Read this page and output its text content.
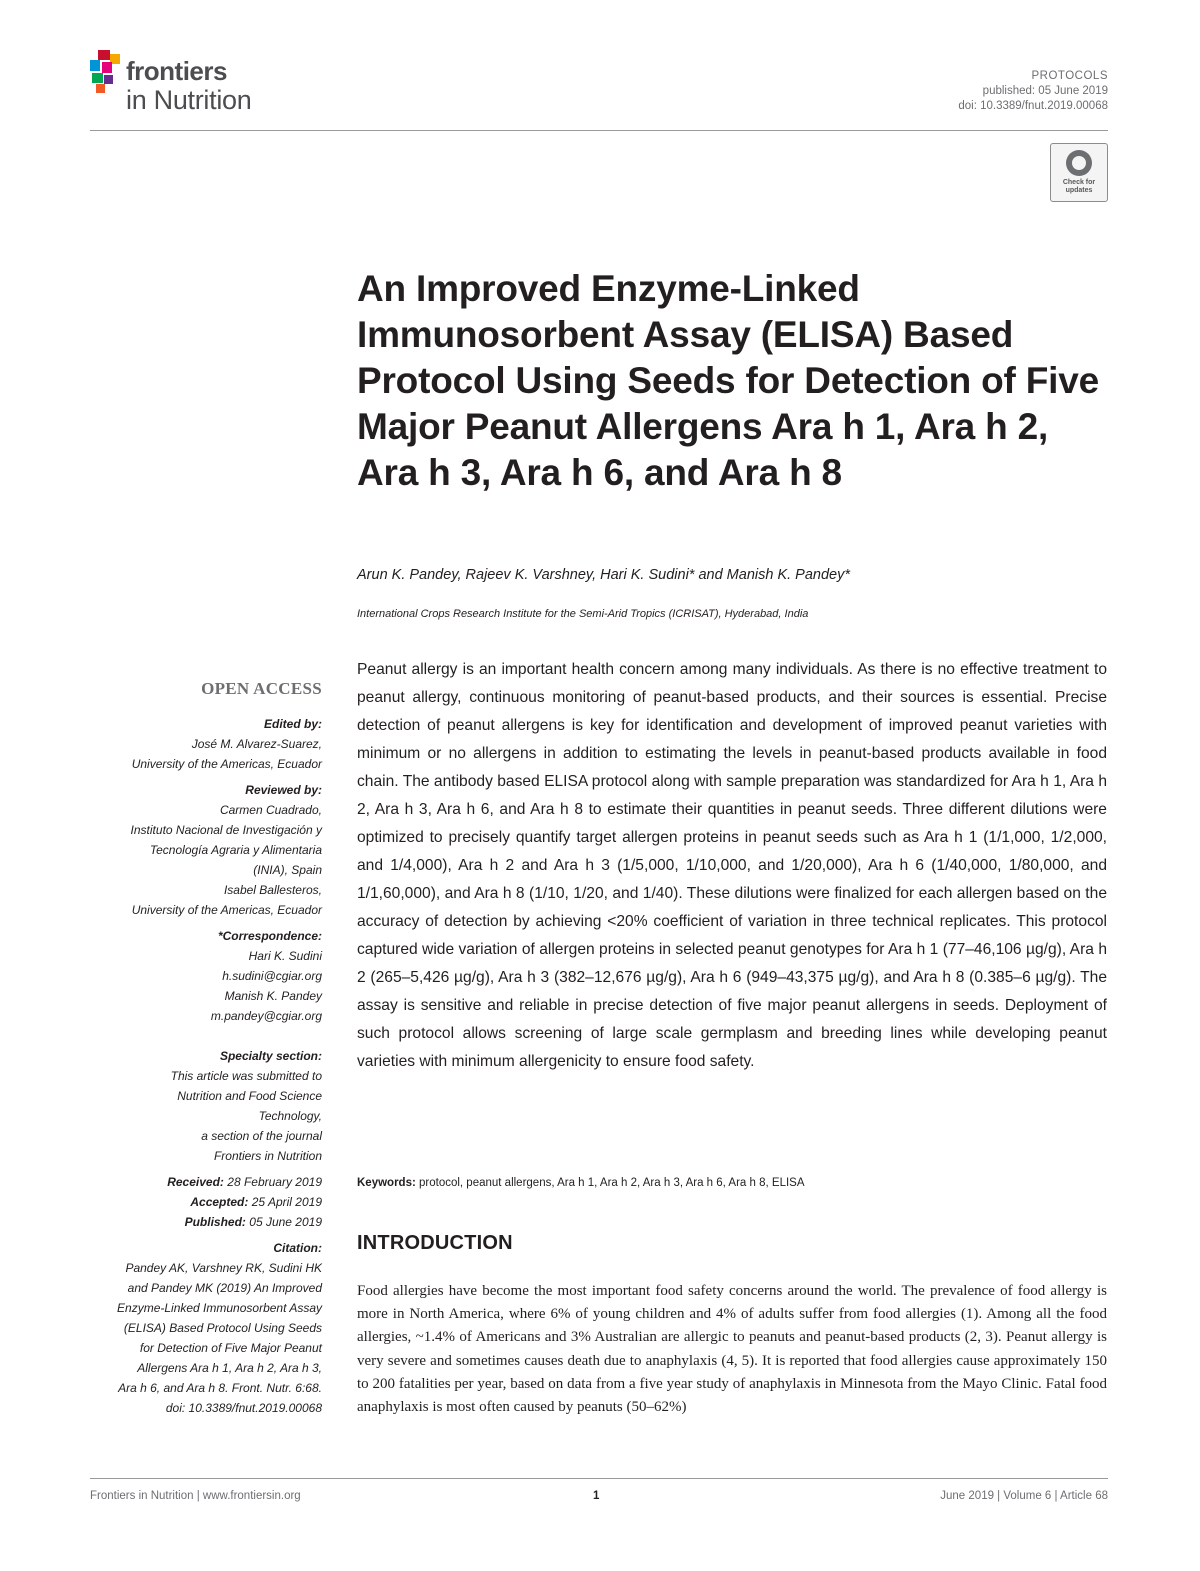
frontiers
in Nutrition
PROTOCOLS
published: 05 June 2019
doi: 10.3389/fnut.2019.00068
Check for updates
An Improved Enzyme-Linked Immunosorbent Assay (ELISA) Based Protocol Using Seeds for Detection of Five Major Peanut Allergens Ara h 1, Ara h 2, Ara h 3, Ara h 6, and Ara h 8
Arun K. Pandey, Rajeev K. Varshney, Hari K. Sudini* and Manish K. Pandey*
International Crops Research Institute for the Semi-Arid Tropics (ICRISAT), Hyderabad, India
OPEN ACCESS
Edited by:
José M. Alvarez-Suarez,
University of the Americas, Ecuador
Reviewed by:
Carmen Cuadrado,
Instituto Nacional de Investigación y
Tecnología Agraria y Alimentaria
(INIA), Spain
Isabel Ballesteros,
University of the Americas, Ecuador
*Correspondence:
Hari K. Sudini
h.sudini@cgiar.org
Manish K. Pandey
m.pandey@cgiar.org
Specialty section:
This article was submitted to
Nutrition and Food Science
Technology,
a section of the journal
Frontiers in Nutrition
Received: 28 February 2019
Accepted: 25 April 2019
Published: 05 June 2019
Citation:
Pandey AK, Varshney RK, Sudini HK
and Pandey MK (2019) An Improved
Enzyme-Linked Immunosorbent Assay
(ELISA) Based Protocol Using Seeds
for Detection of Five Major Peanut
Allergens Ara h 1, Ara h 2, Ara h 3,
Ara h 6, and Ara h 8. Front. Nutr. 6:68.
doi: 10.3389/fnut.2019.00068

Peanut allergy is an important health concern among many individuals. As there is no effective treatment to peanut allergy, continuous monitoring of peanut-based products, and their sources is essential. Precise detection of peanut allergens is key for identification and development of improved peanut varieties with minimum or no allergens in addition to estimating the levels in peanut-based products available in food chain. The antibody based ELISA protocol along with sample preparation was standardized for Ara h 1, Ara h 2, Ara h 3, Ara h 6, and Ara h 8 to estimate their quantities in peanut seeds. Three different dilutions were optimized to precisely quantify target allergen proteins in peanut seeds such as Ara h 1 (1/1,000, 1/2,000, and 1/4,000), Ara h 2 and Ara h 3 (1/5,000, 1/10,000, and 1/20,000), Ara h 6 (1/40,000, 1/80,000, and 1/1,60,000), and Ara h 8 (1/10, 1/20, and 1/40). These dilutions were finalized for each allergen based on the accuracy of detection by achieving <20% coefficient of variation in three technical replicates. This protocol captured wide variation of allergen proteins in selected peanut genotypes for Ara h 1 (77–46,106 µg/g), Ara h 2 (265–5,426 µg/g), Ara h 3 (382–12,676 µg/g), Ara h 6 (949–43,375 µg/g), and Ara h 8 (0.385–6 µg/g). The assay is sensitive and reliable in precise detection of five major peanut allergens in seeds. Deployment of such protocol allows screening of large scale germplasm and breeding lines while developing peanut varieties with minimum allergenicity to ensure food safety.

Keywords: protocol, peanut allergens, Ara h 1, Ara h 2, Ara h 3, Ara h 6, Ara h 8, ELISA
INTRODUCTION

Food allergies have become the most important food safety concerns around the world. The prevalence of food allergy is more in North America, where 6% of young children and 4% of adults suffer from food allergies (1). Among all the food allergies, ~1.4% of Americans and 3% Australian are allergic to peanuts and peanut-based products (2, 3). Peanut allergy is very severe and sometimes causes death due to anaphylaxis (4, 5). It is reported that food allergies cause approximately 150 to 200 fatalities per year, based on data from a five year study of anaphylaxis in Minnesota from the Mayo Clinic. Fatal food anaphylaxis is most often caused by peanuts (50–62%)

Frontiers in Nutrition | www.frontiersin.org	1	June 2019 | Volume 6 | Article 68
